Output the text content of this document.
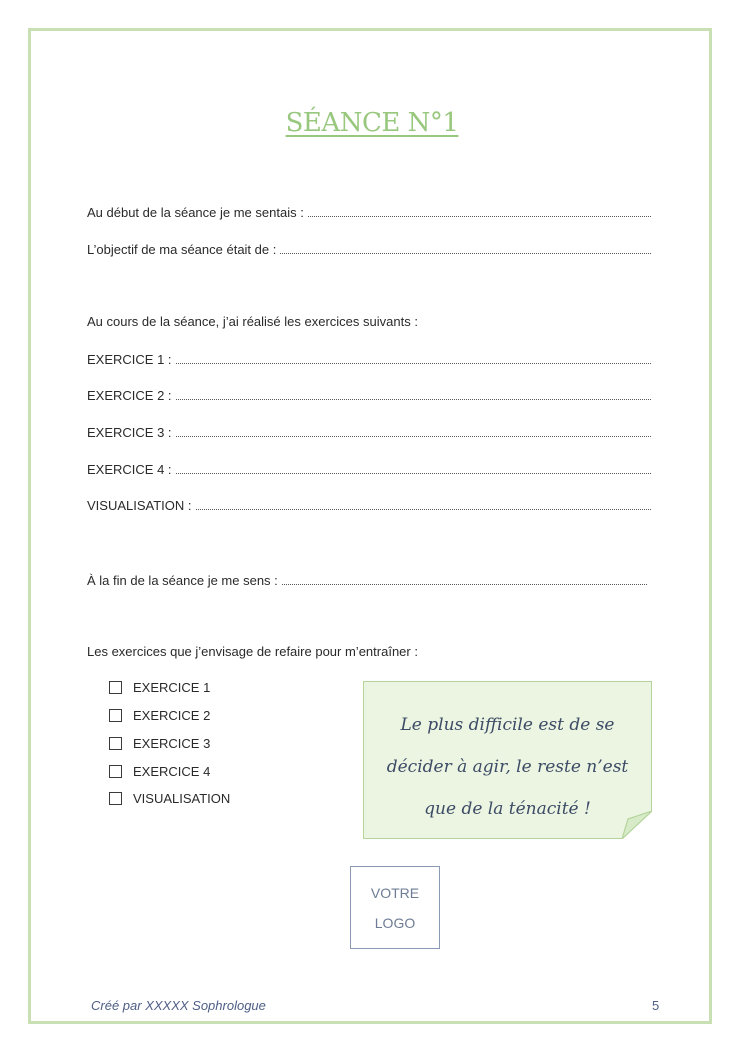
SÉANCE N°1
Au début de la séance je me sentais :
L’objectif de ma séance était de :
Au cours de la séance, j’ai réalisé les exercices suivants :
EXERCICE 1 :
EXERCICE 2 :
EXERCICE 3 :
EXERCICE 4 :
VISUALISATION :
À la fin de la séance je me sens :
Les exercices que j’envisage de refaire pour m’entraîner :
EXERCICE 1
EXERCICE 2
EXERCICE 3
EXERCICE 4
VISUALISATION
Le plus difficile est de se
décider à agir, le reste n’est
que de la ténacité !
VOTRE
LOGO
Créé par XXXXX Sophrologue	5
